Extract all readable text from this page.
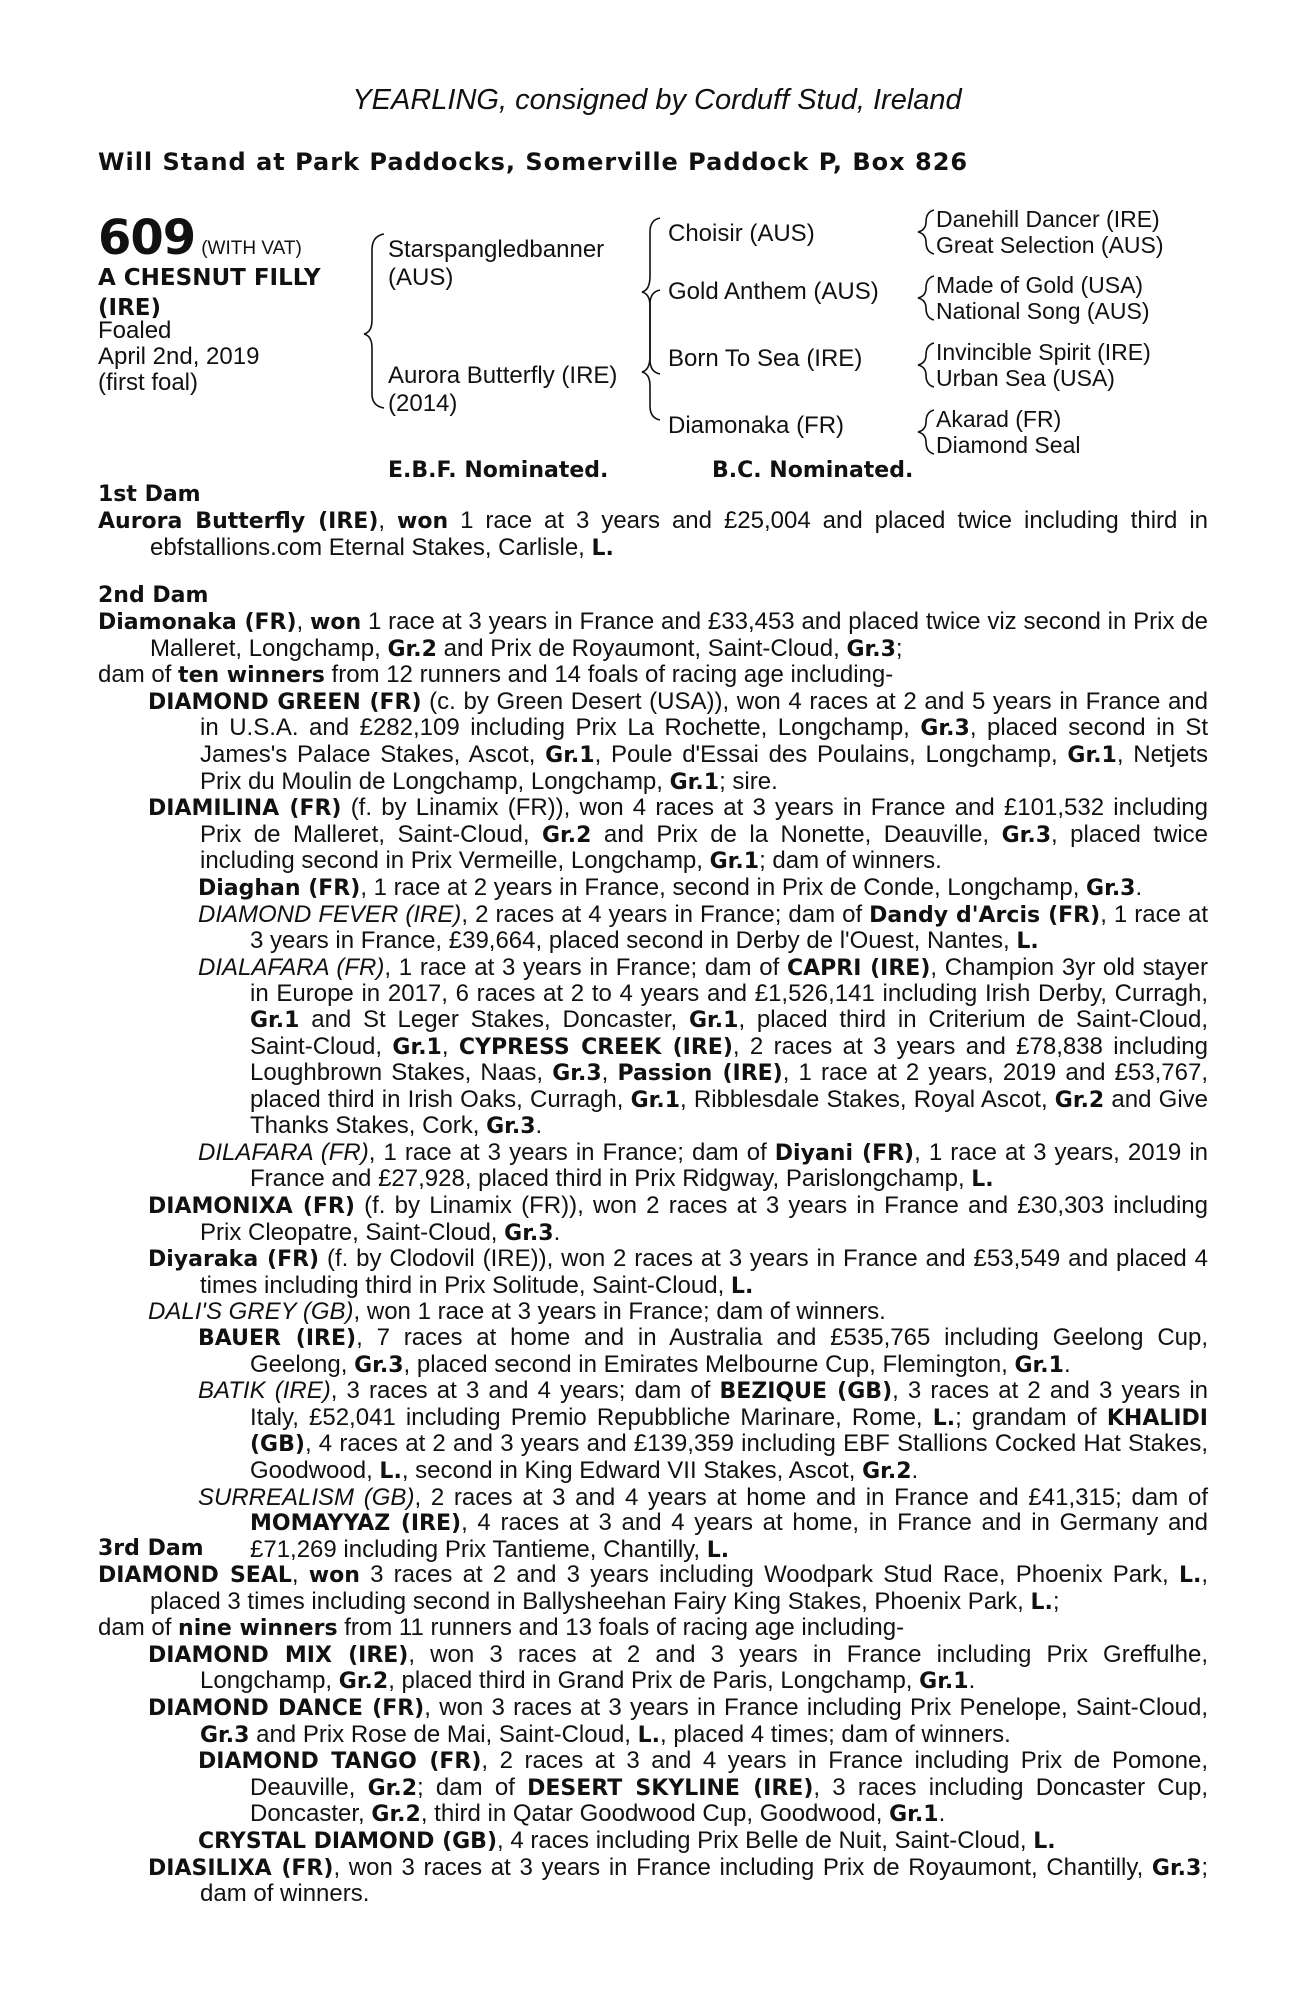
YEARLING, consigned by Corduff Stud, Ireland
Will Stand at Park Paddocks, Somerville Paddock P, Box 826
609 (WITH VAT)
A CHESNUT FILLY
(IRE)
Foaled
April 2nd, 2019
(first foal)
Starspangledbanner
(AUS)
Aurora Butterfly (IRE)
(2014)
Choisir (AUS)
Gold Anthem (AUS)
Born To Sea (IRE)
Diamonaka (FR)
Danehill Dancer (IRE)
Great Selection (AUS)
Made of Gold (USA)
National Song (AUS)
Invincible Spirit (IRE)
Urban Sea (USA)
Akarad (FR)
Diamond Seal
E.B.F. Nominated.	B.C. Nominated.
1st Dam

Aurora Butterfly (IRE), won 1 race at 3 years and £25,004 and placed twice including third in ebfstallions.com Eternal Stakes, Carlisle, L.

2nd Dam

Diamonaka (FR), won 1 race at 3 years in France and £33,453 and placed twice viz second in Prix de Malleret, Longchamp, Gr.2 and Prix de Royaumont, Saint-Cloud, Gr.3;

dam of ten winners from 12 runners and 14 foals of racing age including-

DIAMOND GREEN (FR) (c. by Green Desert (USA)), won 4 races at 2 and 5 years in France and in U.S.A. and £282,109 including Prix La Rochette, Longchamp, Gr.3, placed second in St James's Palace Stakes, Ascot, Gr.1, Poule d'Essai des Poulains, Longchamp, Gr.1, Netjets Prix du Moulin de Longchamp, Longchamp, Gr.1; sire.

DIAMILINA (FR) (f. by Linamix (FR)), won 4 races at 3 years in France and £101,532 including Prix de Malleret, Saint-Cloud, Gr.2 and Prix de la Nonette, Deauville, Gr.3, placed twice including second in Prix Vermeille, Longchamp, Gr.1; dam of winners.

Diaghan (FR), 1 race at 2 years in France, second in Prix de Conde, Longchamp, Gr.3.

DIAMOND FEVER (IRE), 2 races at 4 years in France; dam of Dandy d'Arcis (FR), 1 race at 3 years in France, £39,664, placed second in Derby de l'Ouest, Nantes, L.

DIALAFARA (FR), 1 race at 3 years in France; dam of CAPRI (IRE), Champion 3yr old stayer in Europe in 2017, 6 races at 2 to 4 years and £1,526,141 including Irish Derby, Curragh, Gr.1 and St Leger Stakes, Doncaster, Gr.1, placed third in Criterium de Saint-Cloud, Saint-Cloud, Gr.1, CYPRESS CREEK (IRE), 2 races at 3 years and £78,838 including Loughbrown Stakes, Naas, Gr.3, Passion (IRE), 1 race at 2 years, 2019 and £53,767, placed third in Irish Oaks, Curragh, Gr.1, Ribblesdale Stakes, Royal Ascot, Gr.2 and Give Thanks Stakes, Cork, Gr.3.

DILAFARA (FR), 1 race at 3 years in France; dam of Diyani (FR), 1 race at 3 years, 2019 in France and £27,928, placed third in Prix Ridgway, Parislongchamp, L.

DIAMONIXA (FR) (f. by Linamix (FR)), won 2 races at 3 years in France and £30,303 including Prix Cleopatre, Saint-Cloud, Gr.3.

Diyaraka (FR) (f. by Clodovil (IRE)), won 2 races at 3 years in France and £53,549 and placed 4 times including third in Prix Solitude, Saint-Cloud, L.

DALI'S GREY (GB), won 1 race at 3 years in France; dam of winners.

BAUER (IRE), 7 races at home and in Australia and £535,765 including Geelong Cup, Geelong, Gr.3, placed second in Emirates Melbourne Cup, Flemington, Gr.1.

BATIK (IRE), 3 races at 3 and 4 years; dam of BEZIQUE (GB), 3 races at 2 and 3 years in Italy, £52,041 including Premio Repubbliche Marinare, Rome, L.; grandam of KHALIDI (GB), 4 races at 2 and 3 years and £139,359 including EBF Stallions Cocked Hat Stakes, Goodwood, L., second in King Edward VII Stakes, Ascot, Gr.2.

SURREALISM (GB), 2 races at 3 and 4 years at home and in France and £41,315; dam of MOMAYYAZ (IRE), 4 races at 3 and 4 years at home, in France and in Germany and £71,269 including Prix Tantieme, Chantilly, L.

3rd Dam

DIAMOND SEAL, won 3 races at 2 and 3 years including Woodpark Stud Race, Phoenix Park, L., placed 3 times including second in Ballysheehan Fairy King Stakes, Phoenix Park, L.;

dam of nine winners from 11 runners and 13 foals of racing age including-

DIAMOND MIX (IRE), won 3 races at 2 and 3 years in France including Prix Greffulhe, Longchamp, Gr.2, placed third in Grand Prix de Paris, Longchamp, Gr.1.

DIAMOND DANCE (FR), won 3 races at 3 years in France including Prix Penelope, Saint-Cloud, Gr.3 and Prix Rose de Mai, Saint-Cloud, L., placed 4 times; dam of winners.

DIAMOND TANGO (FR), 2 races at 3 and 4 years in France including Prix de Pomone, Deauville, Gr.2; dam of DESERT SKYLINE (IRE), 3 races including Doncaster Cup, Doncaster, Gr.2, third in Qatar Goodwood Cup, Goodwood, Gr.1.

CRYSTAL DIAMOND (GB), 4 races including Prix Belle de Nuit, Saint-Cloud, L.

DIASILIXA (FR), won 3 races at 3 years in France including Prix de Royaumont, Chantilly, Gr.3; dam of winners.
